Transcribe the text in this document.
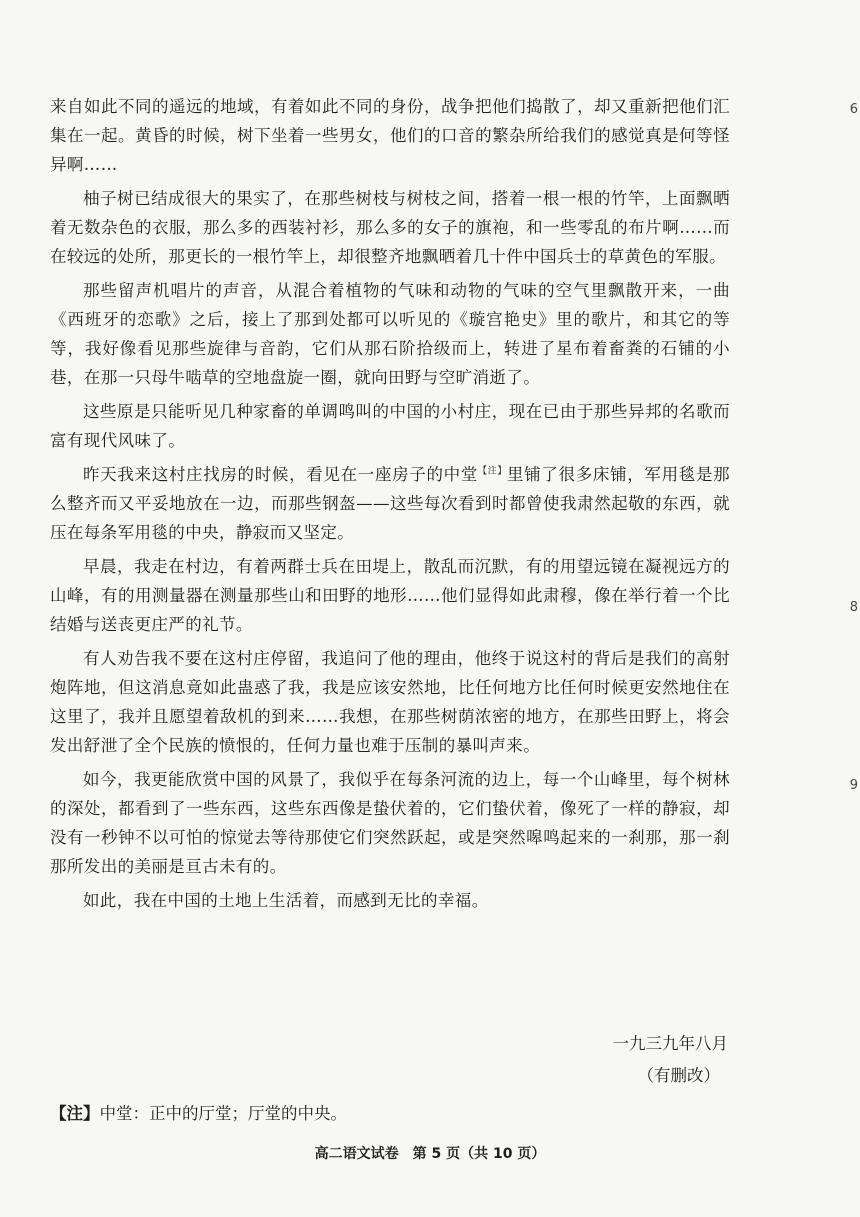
来自如此不同的遥远的地域，有着如此不同的身份，战争把他们捣散了，却又重新把他们汇集在一起。黄昏的时候，树下坐着一些男女，他们的口音的繁杂所给我们的感觉真是何等怪异啊……

柚子树已结成很大的果实了，在那些树枝与树枝之间，搭着一根一根的竹竿，上面飘晒着无数杂色的衣服，那么多的西装衬衫，那么多的女子的旗袍，和一些零乱的布片啊……而在较远的处所，那更长的一根竹竿上，却很整齐地飘晒着几十件中国兵士的草黄色的军服。

那些留声机唱片的声音，从混合着植物的气味和动物的气味的空气里飘散开来，一曲《西班牙的恋歌》之后，接上了那到处都可以听见的《璇宫艳史》里的歌片，和其它的等等，我好像看见那些旋律与音韵，它们从那石阶拾级而上，转进了星布着畜粪的石铺的小巷，在那一只母牛啮草的空地盘旋一圈，就向田野与空旷消逝了。

这些原是只能听见几种家畜的单调鸣叫的中国的小村庄，现在已由于那些异邦的名歌而富有现代风味了。

昨天我来这村庄找房的时候，看见在一座房子的中堂$^{【注】}$里铺了很多床铺，军用毯是那么整齐而又平妥地放在一边，而那些钢盔——这些每次看到时都曾使我肃然起敬的东西，就压在每条军用毯的中央，静寂而又坚定。

早晨，我走在村边，有着两群士兵在田堤上，散乱而沉默，有的用望远镜在凝视远方的山峰，有的用测量器在测量那些山和田野的地形……他们显得如此肃穆，像在举行着一个比结婚与送丧更庄严的礼节。

有人劝告我不要在这村庄停留，我追问了他的理由，他终于说这村的背后是我们的高射炮阵地，但这消息竟如此蛊惑了我，我是应该安然地，比任何地方比任何时候更安然地住在这里了，我并且愿望着敌机的到来……我想，在那些树荫浓密的地方，在那些田野上，将会发出舒泄了全个民族的愤恨的，任何力量也难于压制的暴叫声来。

如今，我更能欣赏中国的风景了，我似乎在每条河流的边上，每一个山峰里，每个树林的深处，都看到了一些东西，这些东西像是蛰伏着的，它们蛰伏着，像死了一样的静寂，却没有一秒钟不以可怕的惊觉去等待那使它们突然跃起，或是突然嗥鸣起来的一刹那，那一刹那所发出的美丽是亘古未有的。

如此，我在中国的土地上生活着，而感到无比的幸福。

一九三九年八月
（有删改）
【注】中堂：正中的厅堂；厅堂的中央。
高二语文试卷　第 5 页（共 10 页）
6
8
9
